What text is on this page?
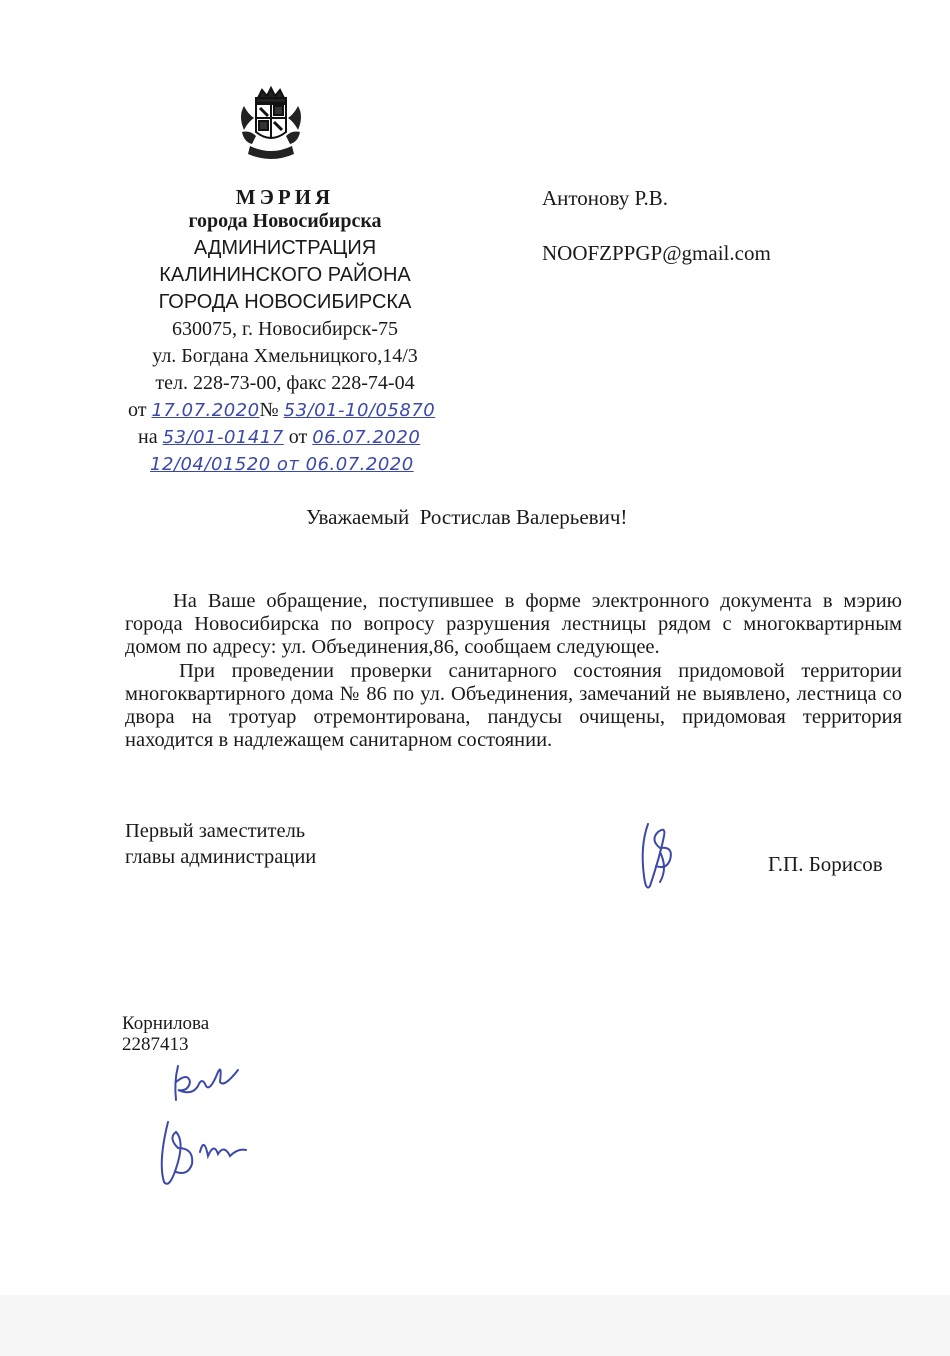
МЭРИЯ
города Новосибирска
АДМИНИСТРАЦИЯ
КАЛИНИНСКОГО РАЙОНА
ГОРОДА НОВОСИБИРСКА
630075, г. Новосибирск-75
ул. Богдана Хмельницкого,14/3
тел. 228-73-00, факс 228-74-04
от 17.07.2020№ 53/01-10/05870
на 53/01-01417 от 06.07.2020
12/04/01520 от 06.07.2020
Антонову Р.В.
NOOFZPPGP@gmail.com
Уважаемый  Ростислав Валерьевич!

На Ваше обращение, поступившее в форме электронного документа в мэрию города Новосибирска по вопросу разрушения лестницы рядом с многоквартирным домом по адресу: ул. Объединения,86, сообщаем следующее.

При проведении проверки санитарного состояния придомовой территории многоквартирного дома № 86 по ул. Объединения, замечаний не выявлено, лестница со двора на тротуар отремонтирована, пандусы очищены, придомовая территория находится в надлежащем санитарном состоянии.

Первый заместитель
главы администрации	Г.П. Борисов
Корнилова
2287413
